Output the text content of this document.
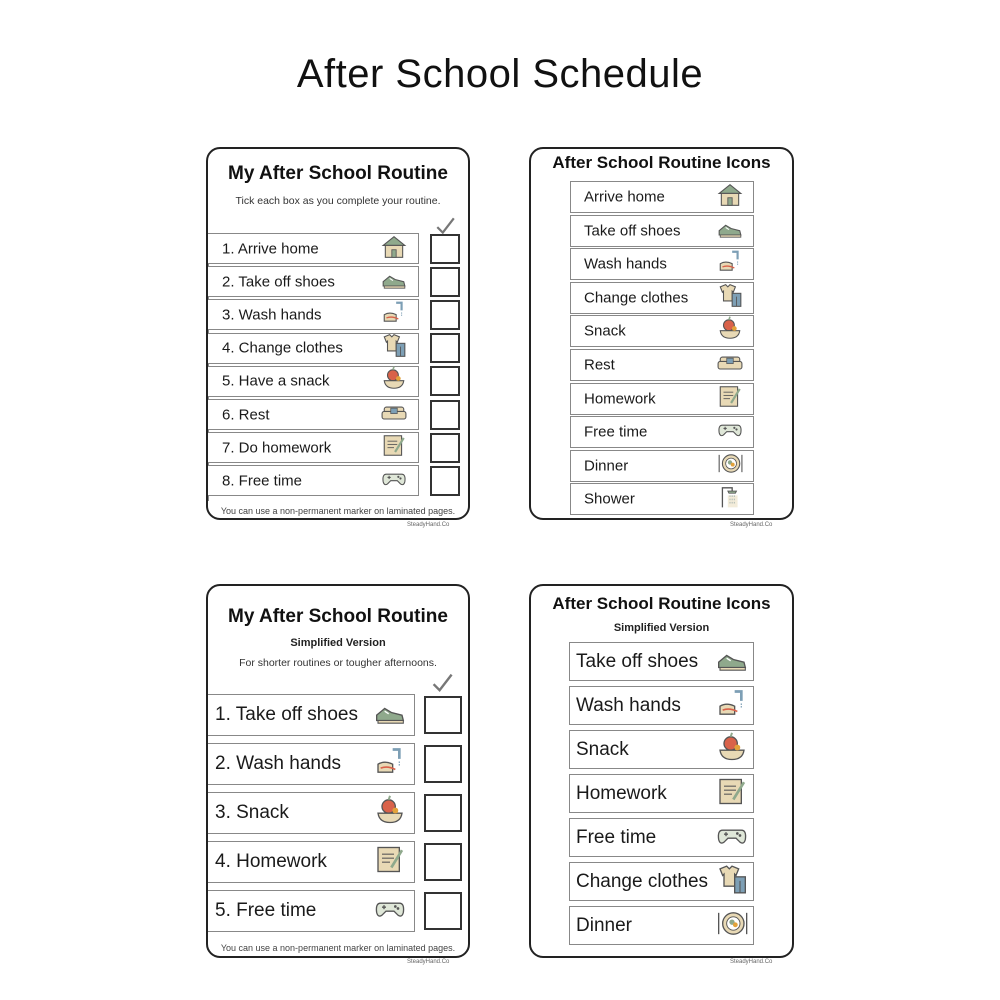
After School Schedule
My After School Routine
Tick each box as you complete your routine.
1. Arrive home
2. Take off shoes
3. Wash hands
4. Change clothes
5. Have a snack
6. Rest
7. Do homework
8. Free time
You can use a non-permanent marker on laminated pages.
SteadyHand.Co
After School Routine Icons
Arrive home
Take off shoes
Wash hands
Change clothes
Snack
Rest
Homework
Free time
Dinner
Shower
SteadyHand.Co
My After School Routine
Simplified Version
For shorter routines or tougher afternoons.
1. Take off shoes
2. Wash hands
3. Snack
4. Homework
5. Free time
You can use a non-permanent marker on laminated pages.
SteadyHand.Co
After School Routine Icons
Simplified Version
Take off shoes
Wash hands
Snack
Homework
Free time
Change clothes
Dinner
SteadyHand.Co
